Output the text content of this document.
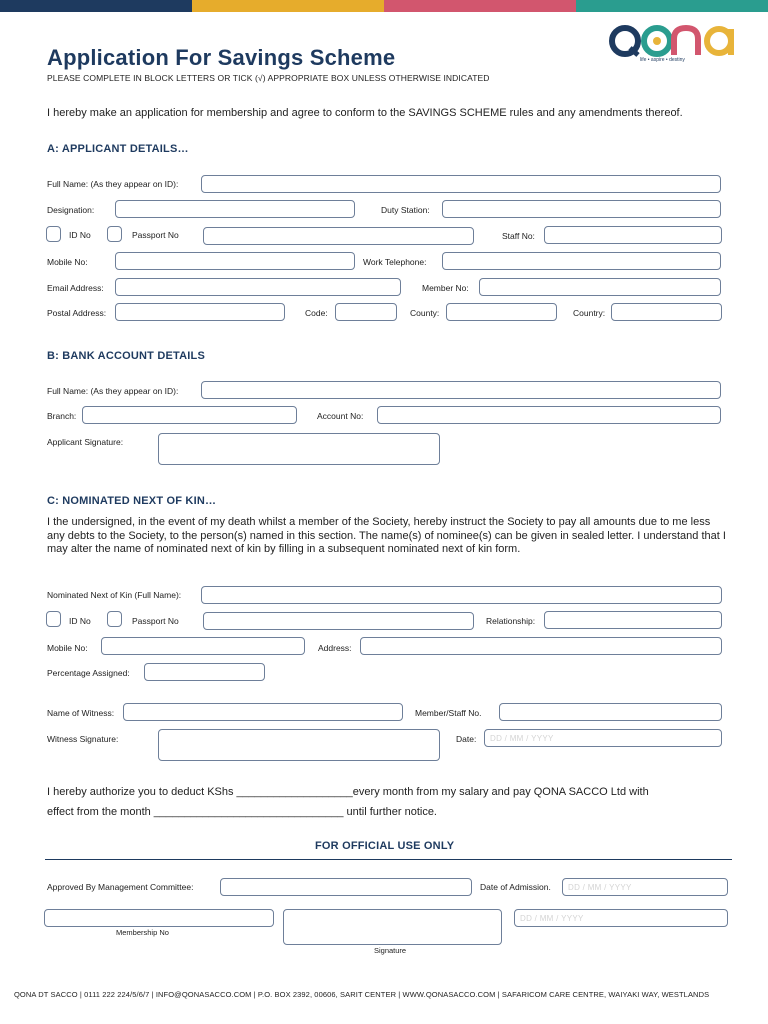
Application For Savings Scheme
PLEASE COMPLETE IN BLOCK LETTERS OR TICK (√) APPROPRIATE BOX UNLESS OTHERWISE INDICATED
life • aspire • destiny
I hereby make an application for membership and agree to conform to the SAVINGS SCHEME rules and any amendments thereof.
A: APPLICANT DETAILS…
Full Name: (As they appear on ID):
Designation:	Duty Station:
ID No	Passport No	Staff No:
Mobile No:	Work Telephone:
Email Address:	Member No:
Postal Address:	Code:	County:	Country:
B: BANK ACCOUNT DETAILS
Full Name: (As they appear on ID):
Branch:	Account No:
Applicant Signature:
C: NOMINATED NEXT OF KIN…
I the undersigned, in the event of my death whilst a member of the Society, hereby instruct the Society to pay all amounts due to me less any debts to the Society, to the person(s) named in this section. The name(s) of nominee(s) can be given in sealed letter. I understand that I may alter the name of nominated next of kin by filling in a subsequent nominated next of kin form.
Nominated Next of Kin (Full Name):
ID No	Passport No	Relationship:
Mobile No:	Address:
Percentage Assigned:
Name of Witness:	Member/Staff No.
Witness Signature:	Date: DD / MM / YYYY
I hereby authorize you to deduct KShs ___________________every month from my salary and pay QONA SACCO Ltd with
effect from the month _______________________________ until further notice.
FOR OFFICIAL USE ONLY
Approved By Management Committee:	Date of Admission. DD / MM / YYYY
Membership No
Signature
DD / MM / YYYY
QONA DT SACCO | 0111 222 224/5/6/7 | INFO@QONASACCO.COM | P.O. BOX 2392, 00606, SARIT CENTER | WWW.QONASACCO.COM | SAFARICOM CARE CENTRE, WAIYAKI WAY, WESTLANDS
